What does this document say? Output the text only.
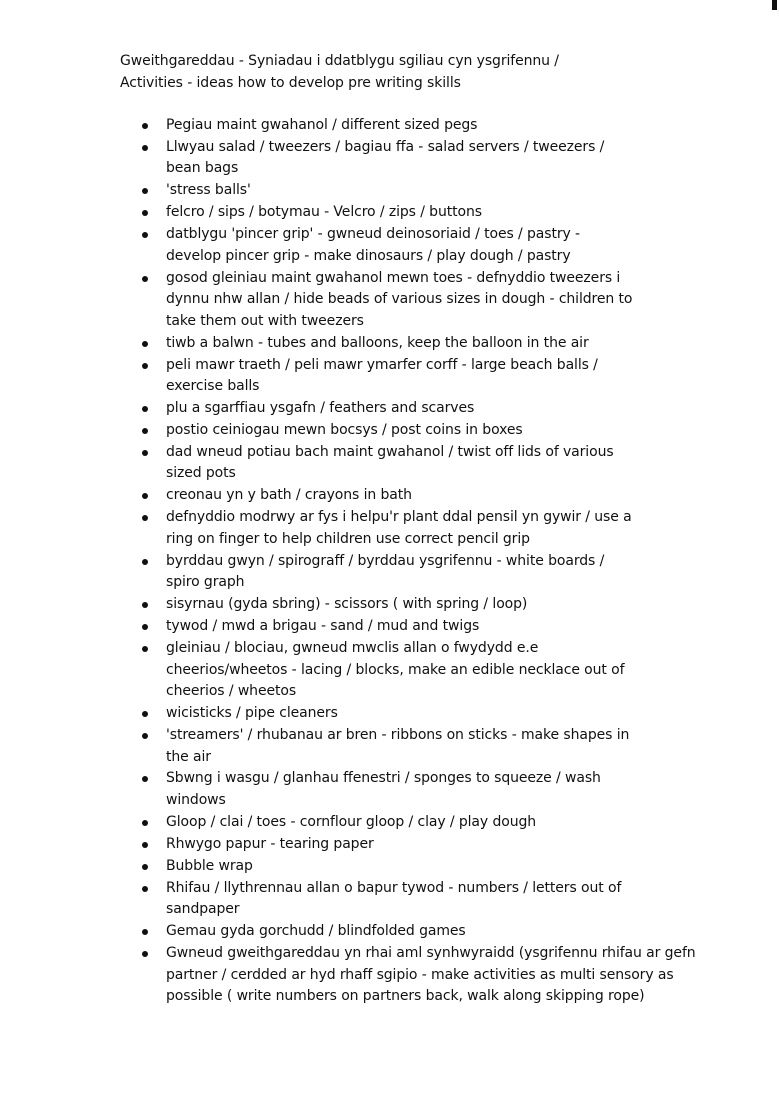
Gweithgareddau - Syniadau i ddatblygu sgiliau cyn ysgrifennu /
Activities - ideas how to develop pre writing skills
Pegiau maint gwahanol / different sized pegs
Llwyau salad / tweezers / bagiau ffa - salad servers / tweezers /
bean bags
'stress balls'
felcro / sips / botymau - Velcro / zips / buttons
datblygu 'pincer grip' - gwneud deinosoriaid / toes / pastry -
develop pincer grip - make dinosaurs / play dough / pastry
gosod gleiniau maint gwahanol mewn toes - defnyddio tweezers i
dynnu nhw allan / hide beads of various sizes in dough - children to
take them out with tweezers
tiwb a balwn - tubes and balloons, keep the balloon in the air
peli mawr traeth / peli mawr ymarfer corff - large beach balls /
exercise balls
plu a sgarffiau ysgafn / feathers and scarves
postio ceiniogau mewn bocsys / post coins in boxes
dad wneud potiau bach maint gwahanol / twist off lids of various
sized pots
creonau yn y bath / crayons in bath
defnyddio modrwy ar fys i helpu'r plant ddal pensil yn gywir / use a
ring on finger to help children use correct pencil grip
byrddau gwyn / spirograff / byrddau ysgrifennu - white boards /
spiro graph
sisyrnau (gyda sbring) - scissors ( with spring / loop)
tywod / mwd a brigau - sand / mud and twigs
gleiniau / blociau, gwneud mwclis allan o fwydydd e.e
cheerios/wheetos - lacing / blocks, make an edible necklace out of
cheerios / wheetos
wicisticks / pipe cleaners
'streamers' / rhubanau ar bren - ribbons on sticks - make shapes in
the air
Sbwng i wasgu / glanhau ffenestri / sponges to squeeze / wash
windows
Gloop / clai / toes - cornflour gloop / clay / play dough
Rhwygo papur - tearing paper
Bubble wrap
Rhifau / llythrennau allan o bapur tywod - numbers / letters out of
sandpaper
Gemau gyda gorchudd / blindfolded games
Gwneud gweithgareddau yn rhai aml synhwyraidd (ysgrifennu rhifau ar gefn
partner / cerdded ar hyd rhaff sgipio - make activities as multi sensory as
possible ( write numbers on partners back, walk along skipping rope)
